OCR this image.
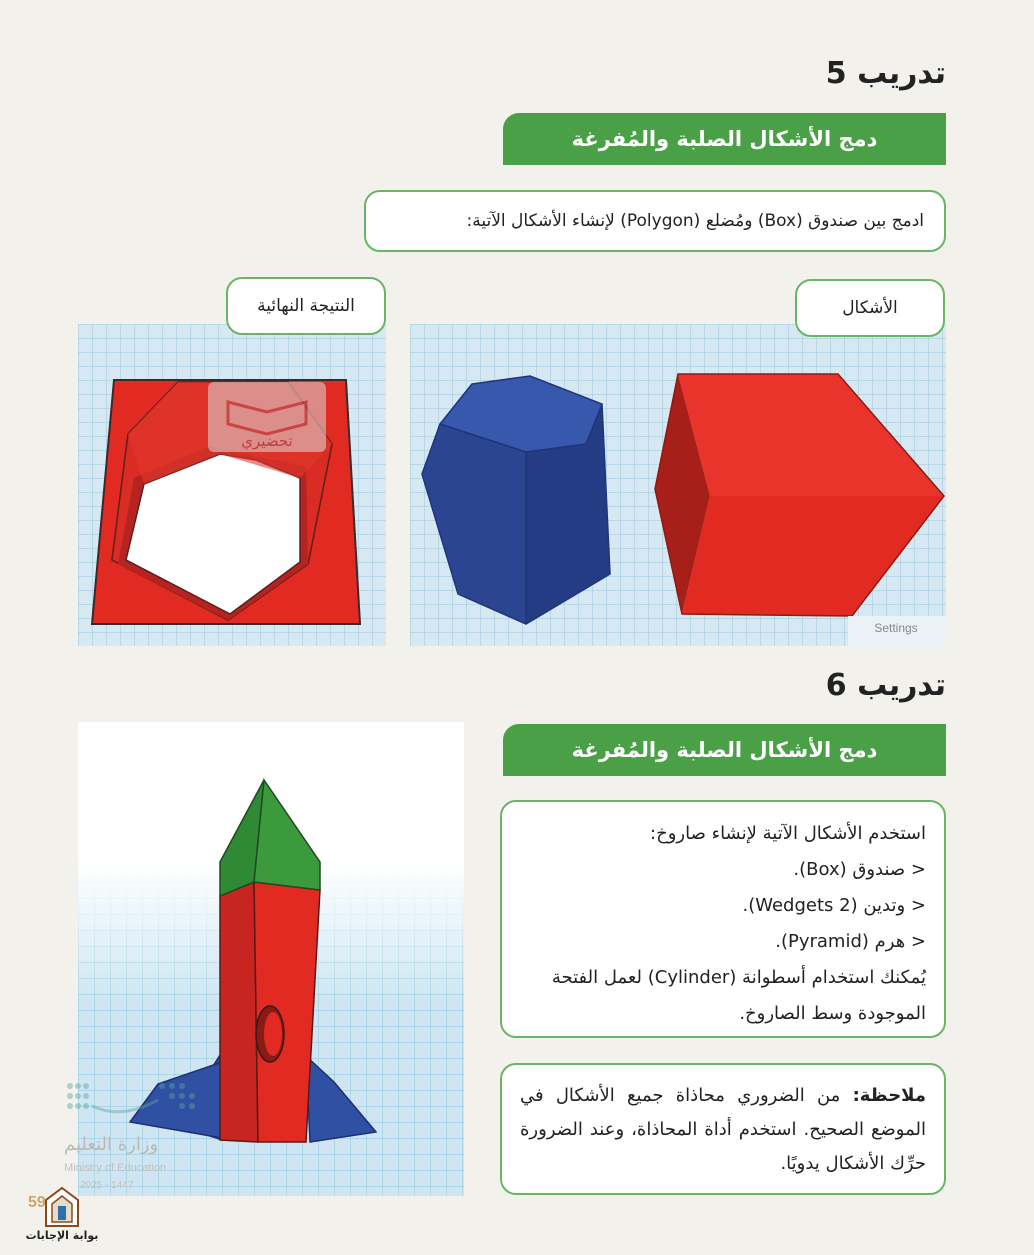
تدريب 5
دمج الأشكال الصلبة والمُفرغة
ادمج بين صندوق (Box) ومُضلع (Polygon) لإنشاء الأشكال الآتية:
Settings
الأشكال
تحضيري
النتيجة النهائية
تدريب 6
دمج الأشكال الصلبة والمُفرغة
استخدم الأشكال الآتية لإنشاء صاروخ:
< صندوق (Box).
< وتدين (Wedgets 2).
< هرم (Pyramid).
يُمكنك استخدام أسطوانة (Cylinder) لعمل الفتحة
الموجودة وسط الصاروخ.
ملاحظة: من الضروري محاذاة جميع الأشكال في الموضع الصحيح. استخدم أداة المحاذاة، وعند الضرورة حرِّك الأشكال يدويًا.
وزارة التعليم
Ministry of Education
2025 - 1447
59
بوابة الإجابات
